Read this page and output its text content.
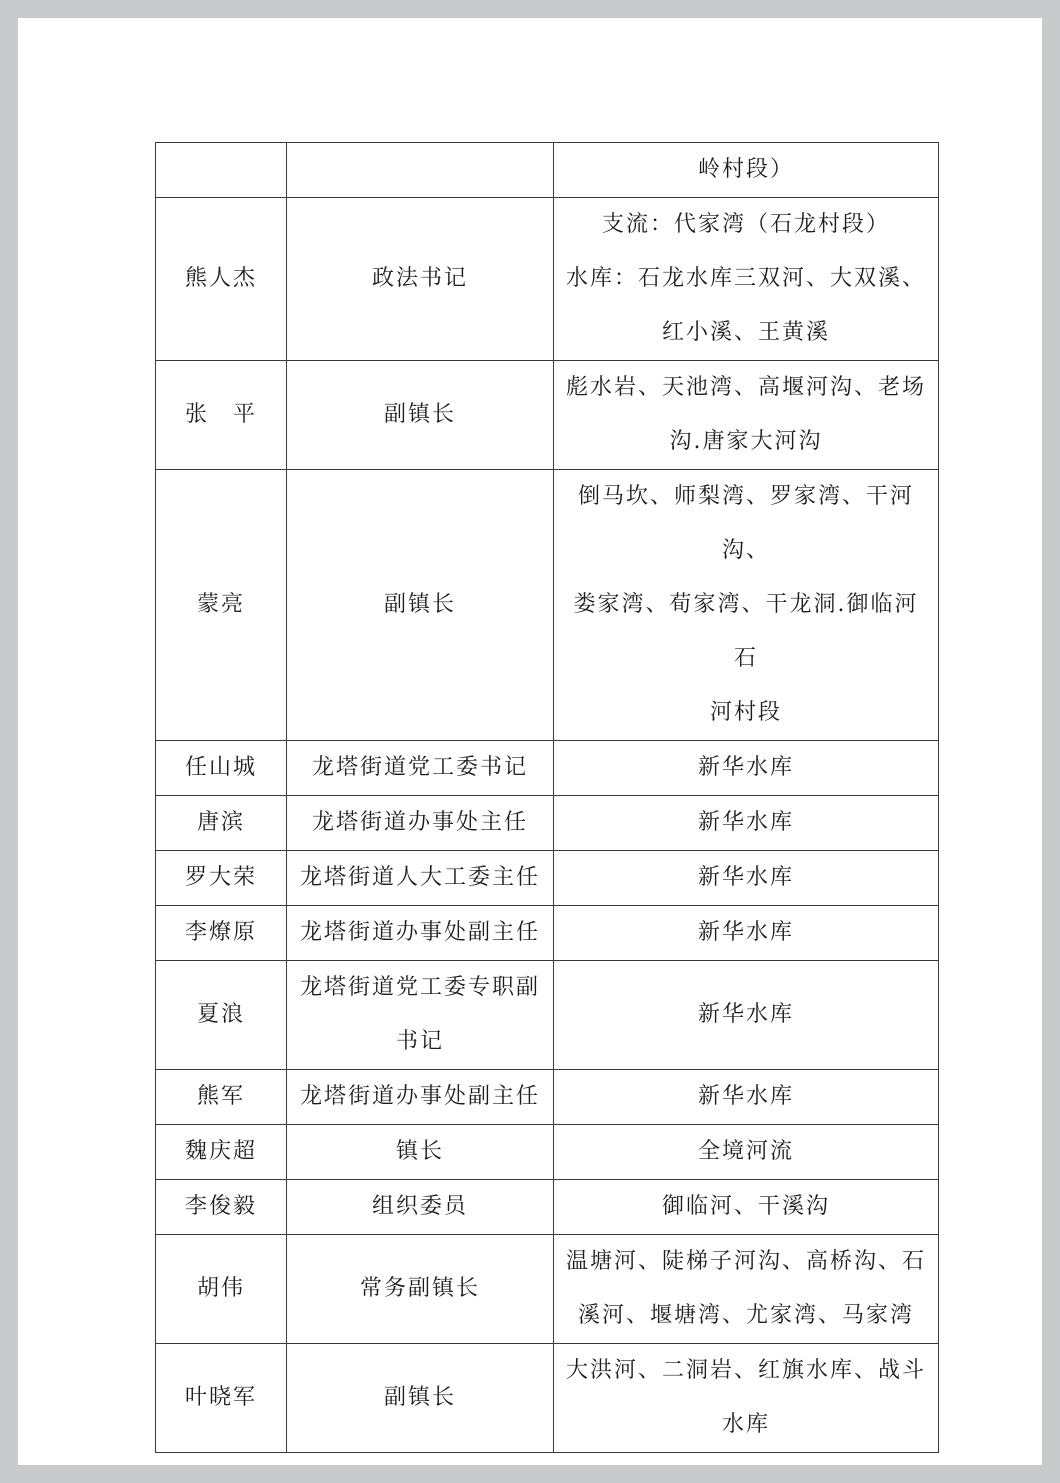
		岭村段）

熊人杰	政法书记	支流：代家湾（石龙村段）
水库：石龙水库三双河、大双溪、
红小溪、王黄溪

张　平	副镇长	彪水岩、天池湾、高堰河沟、老场
沟.唐家大河沟

蒙亮	副镇长	倒马坎、师梨湾、罗家湾、干河沟、
娄家湾、荀家湾、干龙洞.御临河石
河村段

任山城	龙塔街道党工委书记	新华水库

唐滨	龙塔街道办事处主任	新华水库

罗大荣	龙塔街道人大工委主任	新华水库

李燎原	龙塔街道办事处副主任	新华水库

夏浪	龙塔街道党工委专职副
书记	新华水库

熊军	龙塔街道办事处副主任	新华水库

魏庆超	镇长	全境河流

李俊毅	组织委员	御临河、干溪沟

胡伟	常务副镇长	温塘河、陡梯子河沟、高桥沟、石
溪河、堰塘湾、尤家湾、马家湾

叶晓军	副镇长	大洪河、二洞岩、红旗水库、战斗
水库
